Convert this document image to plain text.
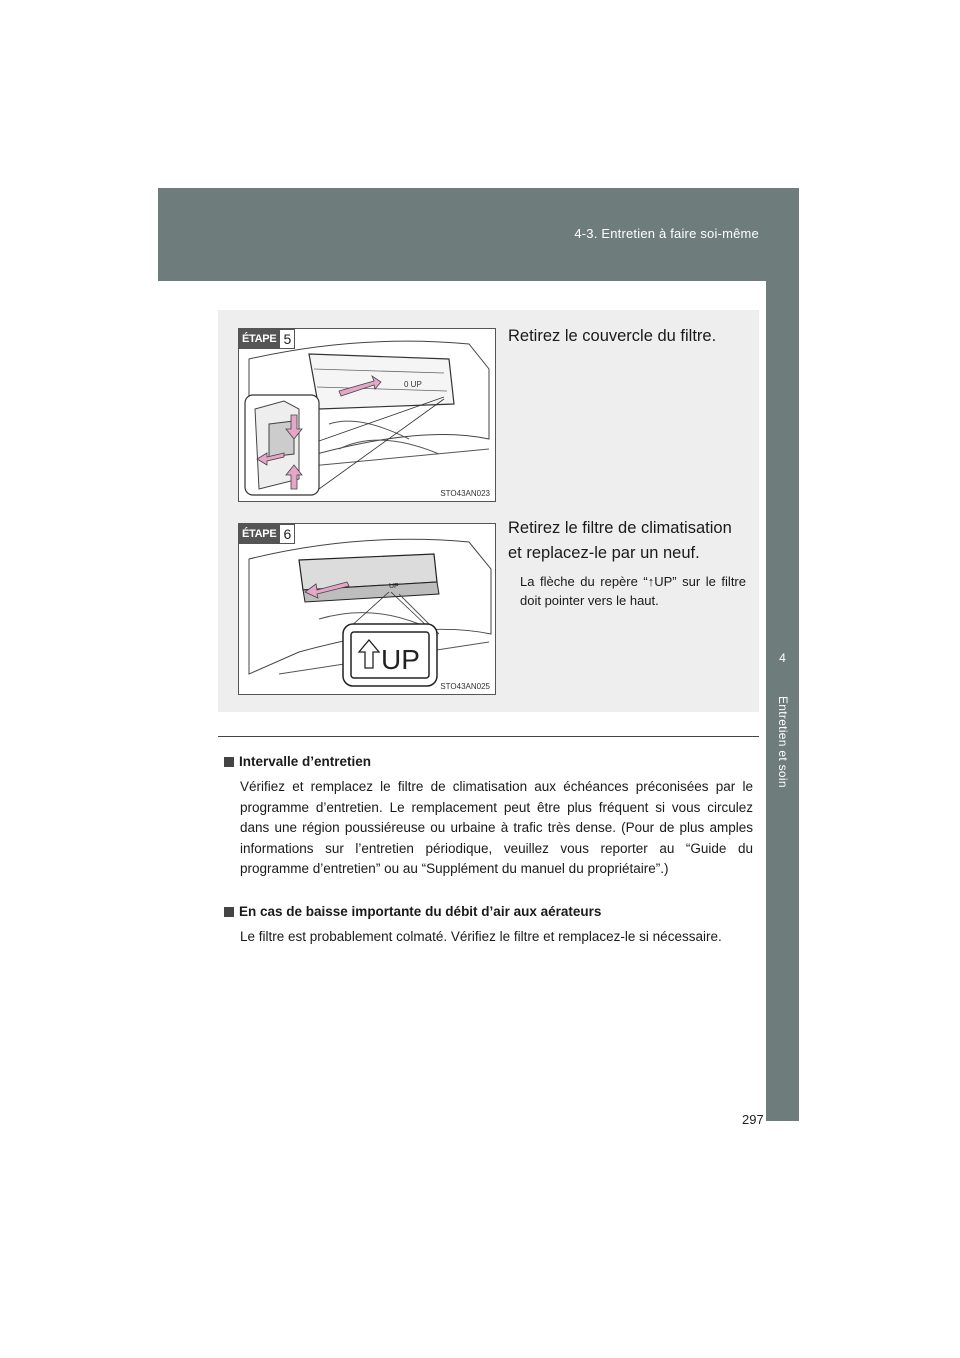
4-3. Entretien à faire soi-même
4
Entretien et soin
0 UP
ÉTAPE 5
STO43AN023
Retirez le couvercle du filtre.
UP
UP
ÉTAPE 6
STO43AN025
Retirez le filtre de climatisation et replacez-le par un neuf.
La flèche du repère “↑UP” sur le filtre doit pointer vers le haut.
Intervalle d’entretien
Vérifiez et remplacez le filtre de climatisation aux échéances préconisées par le programme d’entretien. Le remplacement peut être plus fréquent si vous circulez dans une région poussiéreuse ou urbaine à trafic très dense. (Pour de plus amples informations sur l’entretien périodique, veuillez vous reporter au “Guide du programme d’entretien” ou au “Supplément du manuel du propriétaire”.)
En cas de baisse importante du débit d’air aux aérateurs
Le filtre est probablement colmaté. Vérifiez le filtre et remplacez-le si nécessaire.
297
